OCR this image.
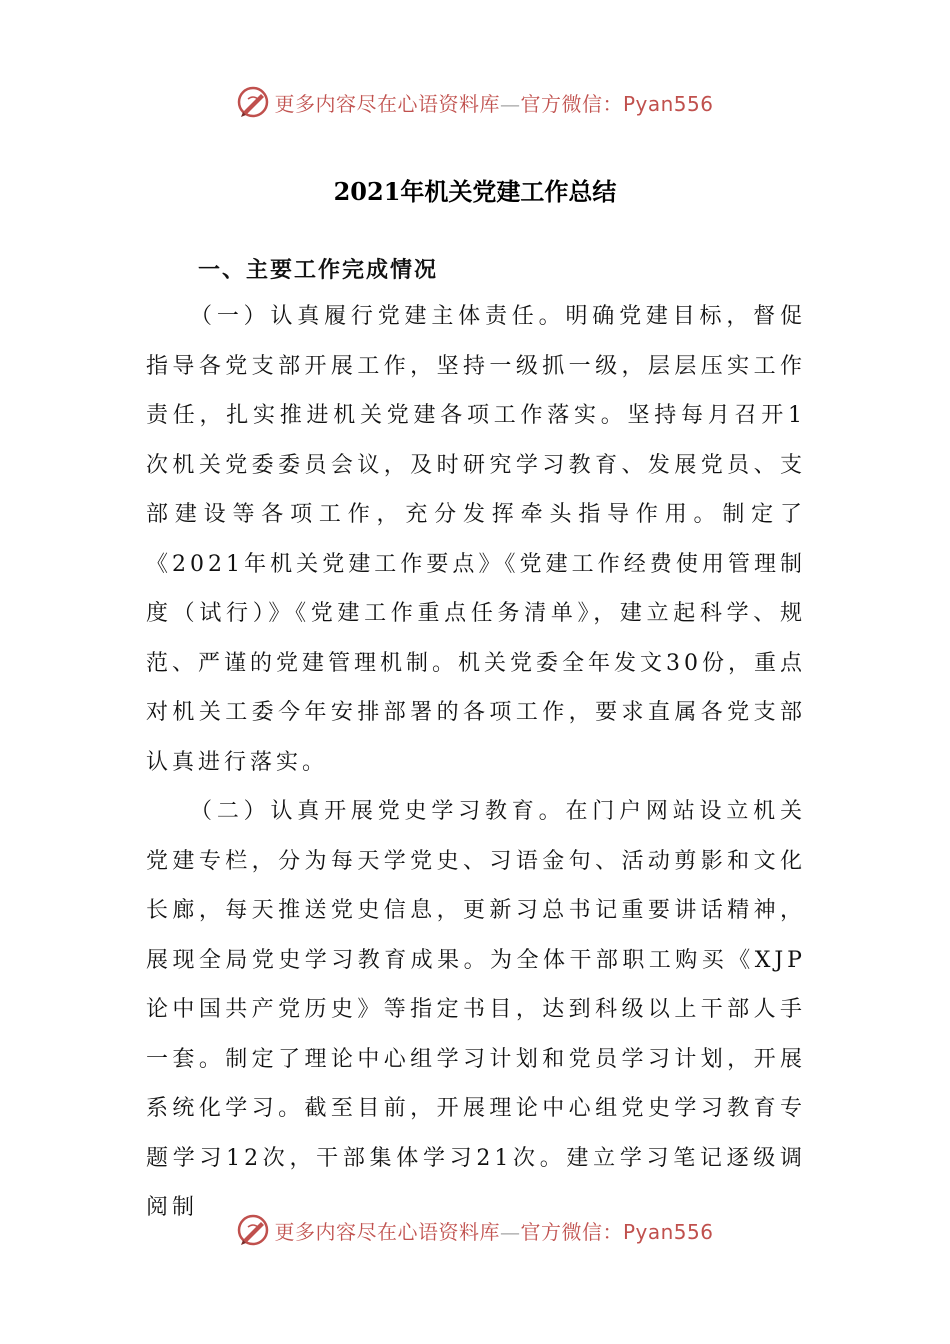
更多内容尽在心语资料库—官方微信：Pyan556
2021年机关党建工作总结
一、主要工作完成情况

（一）认真履行党建主体责任。明确党建目标，督促指导各党支部开展工作，坚持一级抓一级，层层压实工作责任，扎实推进机关党建各项工作落实。坚持每月召开1次机关党委委员会议，及时研究学习教育、发展党员、支部建设等各项工作，充分发挥牵头指导作用。制定了《2021年机关党建工作要点》《党建工作经费使用管理制度（试行）》《党建工作重点任务清单》，建立起科学、规范、严谨的党建管理机制。机关党委全年发文30份，重点对机关工委今年安排部署的各项工作，要求直属各党支部认真进行落实。

（二）认真开展党史学习教育。在门户网站设立机关党建专栏，分为每天学党史、习语金句、活动剪影和文化长廊，每天推送党史信息，更新习总书记重要讲话精神，展现全局党史学习教育成果。为全体干部职工购买《XJP论中国共产党历史》等指定书目，达到科级以上干部人手一套。制定了理论中心组学习计划和党员学习计划，开展系统化学习。截至目前，开展理论中心组党史学习教育专题学习12次，干部集体学习21次。建立学习笔记逐级调阅制

更多内容尽在心语资料库—官方微信：Pyan556
